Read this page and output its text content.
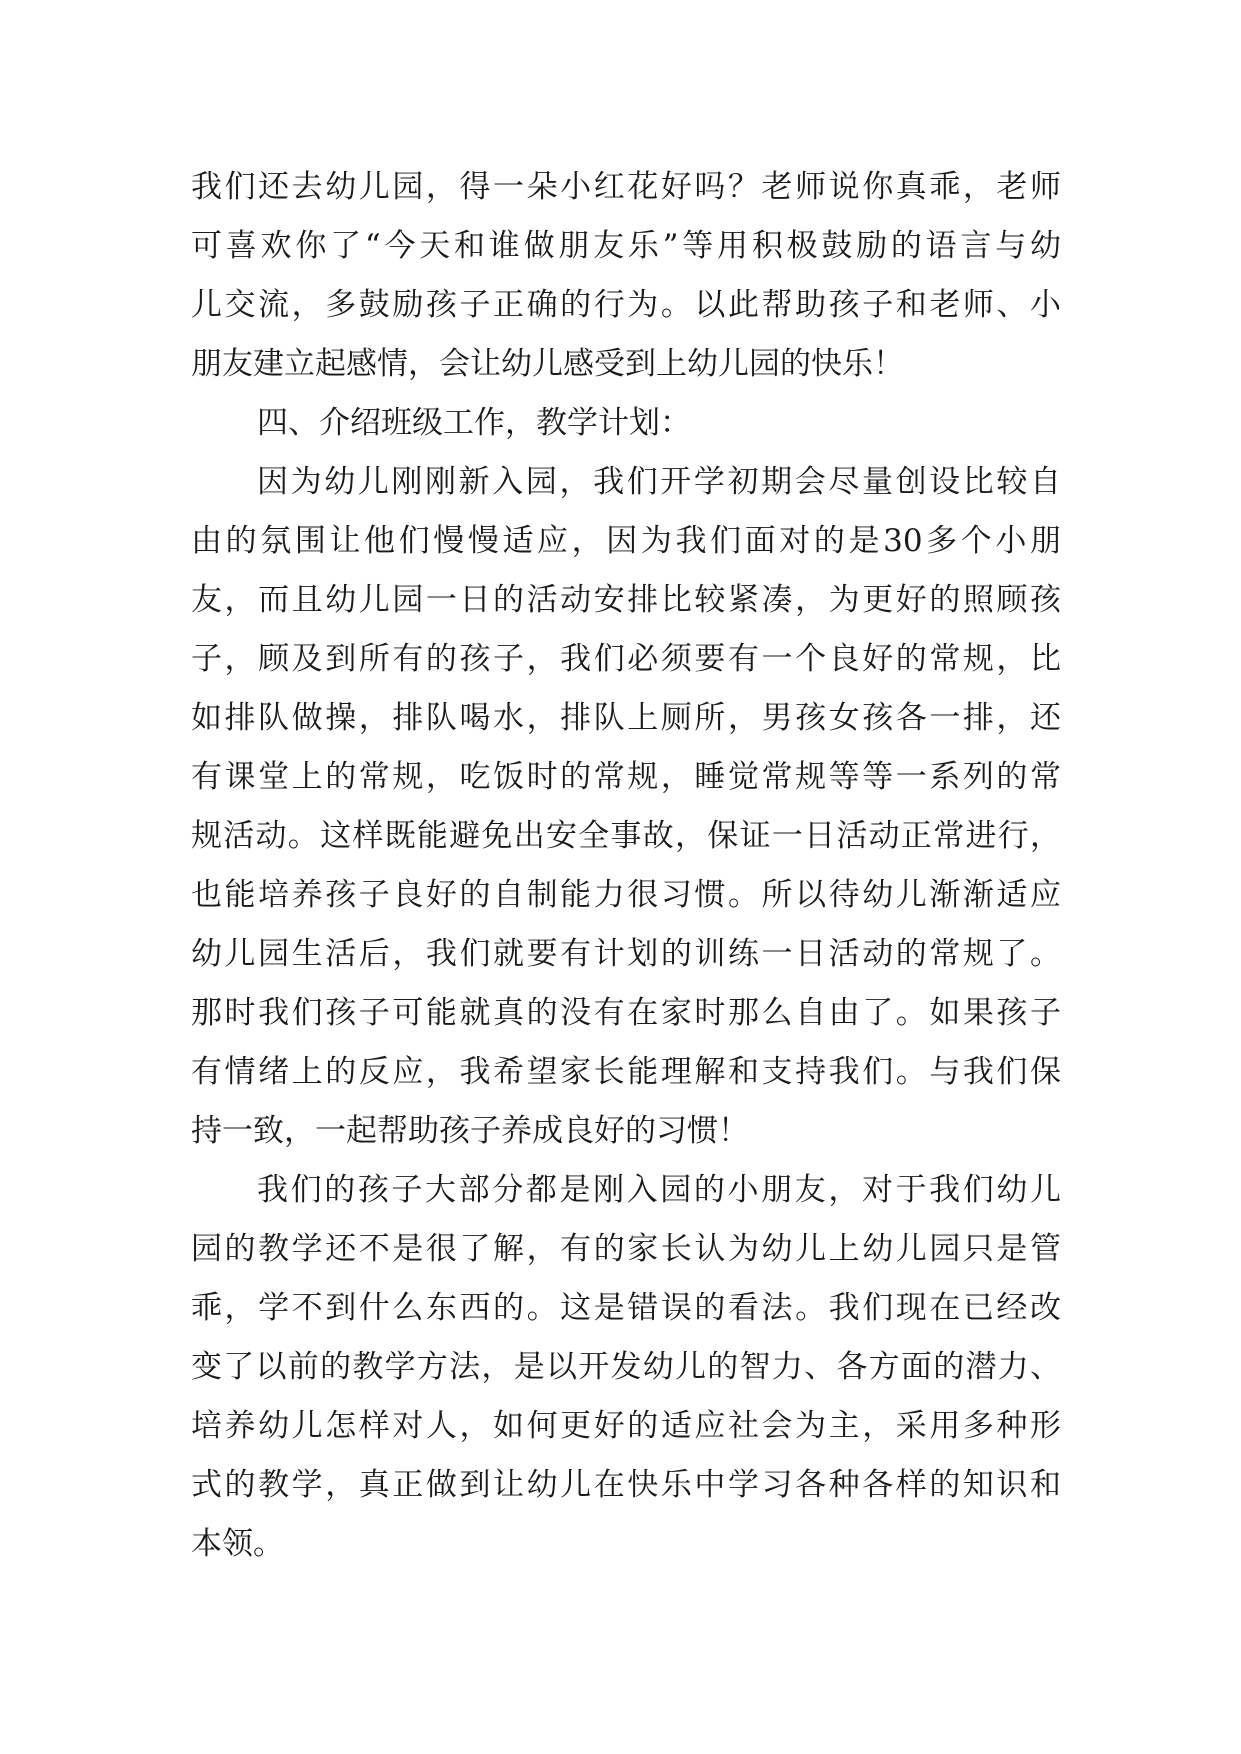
我们还去幼儿园，得一朵小红花好吗？老师说你真乖，老师
可喜欢你了“今天和谁做朋友乐”等用积极鼓励的语言与幼
儿交流，多鼓励孩子正确的行为。以此帮助孩子和老师、小
朋友建立起感情，会让幼儿感受到上幼儿园的快乐！

四、介绍班级工作，教学计划：

因为幼儿刚刚新入园，我们开学初期会尽量创设比较自
由的氛围让他们慢慢适应，因为我们面对的是30多个小朋
友，而且幼儿园一日的活动安排比较紧凑，为更好的照顾孩
子，顾及到所有的孩子，我们必须要有一个良好的常规，比
如排队做操，排队喝水，排队上厕所，男孩女孩各一排，还
有课堂上的常规，吃饭时的常规，睡觉常规等等一系列的常
规活动。这样既能避免出安全事故，保证一日活动正常进行，
也能培养孩子良好的自制能力很习惯。所以待幼儿渐渐适应
幼儿园生活后，我们就要有计划的训练一日活动的常规了。
那时我们孩子可能就真的没有在家时那么自由了。如果孩子
有情绪上的反应，我希望家长能理解和支持我们。与我们保
持一致，一起帮助孩子养成良好的习惯！

我们的孩子大部分都是刚入园的小朋友，对于我们幼儿
园的教学还不是很了解，有的家长认为幼儿上幼儿园只是管
乖，学不到什么东西的。这是错误的看法。我们现在已经改
变了以前的教学方法，是以开发幼儿的智力、各方面的潜力、
培养幼儿怎样对人，如何更好的适应社会为主，采用多种形
式的教学，真正做到让幼儿在快乐中学习各种各样的知识和
本领。
